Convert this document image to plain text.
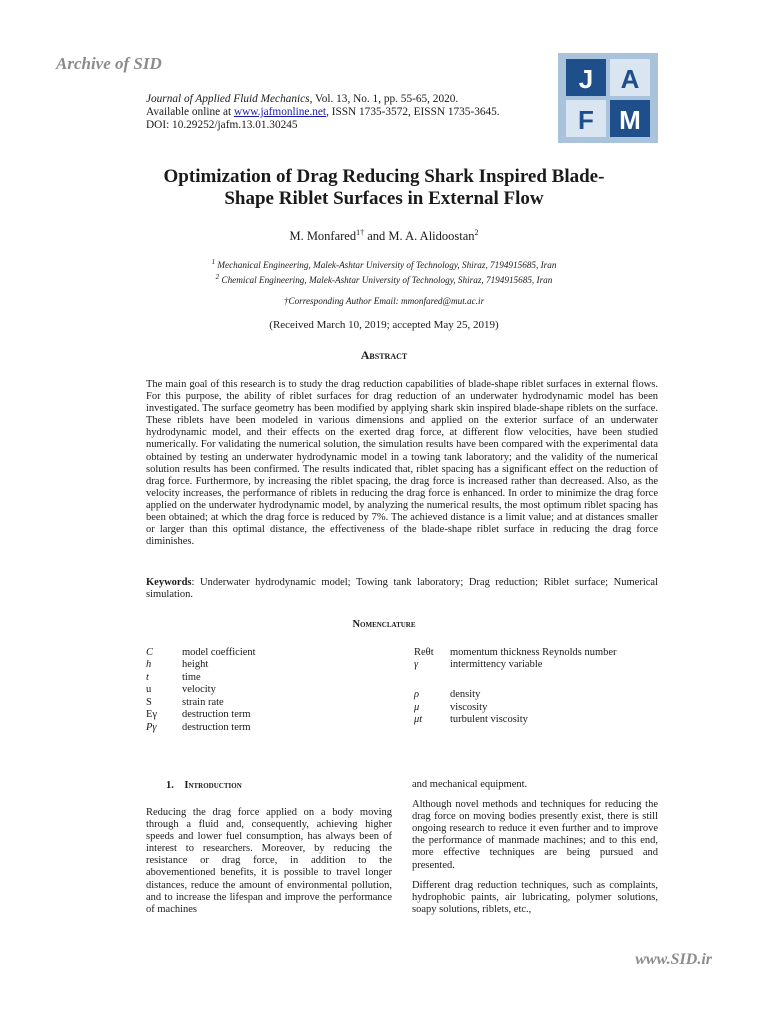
Archive of SID
www.SID.ir
Journal of Applied Fluid Mechanics, Vol. 13, No. 1, pp. 55-65, 2020.
Available online at www.jafmonline.net, ISSN 1735-3572, EISSN 1735-3645.
DOI: 10.29252/jafm.13.01.30245
J A
F M
Optimization of Drag Reducing Shark Inspired Blade-
Shape Riblet Surfaces in External Flow
M. Monfared$^{1\dagger}$ and M. A. Alidoostan$^2$
$^1$ Mechanical Engineering, Malek-Ashtar University of Technology, Shiraz, 7194915685, Iran
$^2$ Chemical Engineering, Malek-Ashtar University of Technology, Shiraz, 7194915685, Iran
†Corresponding Author Email: mmonfared@mut.ac.ir
(Received March 10, 2019; accepted May 25, 2019)
Abstract
The main goal of this research is to study the drag reduction capabilities of blade-shape riblet surfaces in external flows. For this purpose, the ability of riblet surfaces for drag reduction of an underwater hydrodynamic model has been investigated. The surface geometry has been modified by applying shark skin inspired blade-shape riblets on the surface. These riblets have been modeled in various dimensions and applied on the exterior surface of an underwater hydrodynamic model, and their effects on the exerted drag force, at different flow velocities, have been studied numerically. For validating the numerical solution, the simulation results have been compared with the experimental data obtained by testing an underwater hydrodynamic model in a towing tank laboratory; and the validity of the numerical solution results has been confirmed. The results indicated that, riblet spacing has a significant effect on the reduction of drag force. Furthermore, by increasing the riblet spacing, the drag force is increased rather than decreased. Also, as the velocity increases, the performance of riblets in reducing the drag force is enhanced. In order to minimize the drag force applied on the underwater hydrodynamic model, by analyzing the numerical results, the most optimum riblet spacing has been obtained; at which the drag force is reduced by 7%. The achieved distance is a limit value; and at distances smaller or larger than this optimal distance, the effectiveness of the blade-shape riblet surface in reducing the drag force diminishes.
Keywords: Underwater hydrodynamic model; Towing tank laboratory; Drag reduction; Riblet surface; Numerical simulation.
Nomenclature
C	model coefficient
h	height
t	time
u	velocity
S	strain rate
Eγ	destruction term
Pγ	destruction term
Reθt	momentum thickness Reynolds number
γ	intermittency variable
ρ	density
μ	viscosity
μt	turbulent viscosity
1. Introduction

Reducing the drag force applied on a body moving through a fluid and, consequently, achieving higher speeds and lower fuel consumption, has always been of interest to researchers. Moreover, by reducing the resistance or drag force, in addition to the abovementioned benefits, it is possible to travel longer distances, reduce the amount of environmental pollution, and to increase the lifespan and improve the performance of machines

and mechanical equipment.

Although novel methods and techniques for reducing the drag force on moving bodies presently exist, there is still ongoing research to reduce it even further and to improve the performance of manmade machines; and to this end, more effective techniques are being pursued and presented.

Different drag reduction techniques, such as complaints, hydrophobic paints, air lubricating, polymer solutions, soapy solutions, riblets, etc.,
